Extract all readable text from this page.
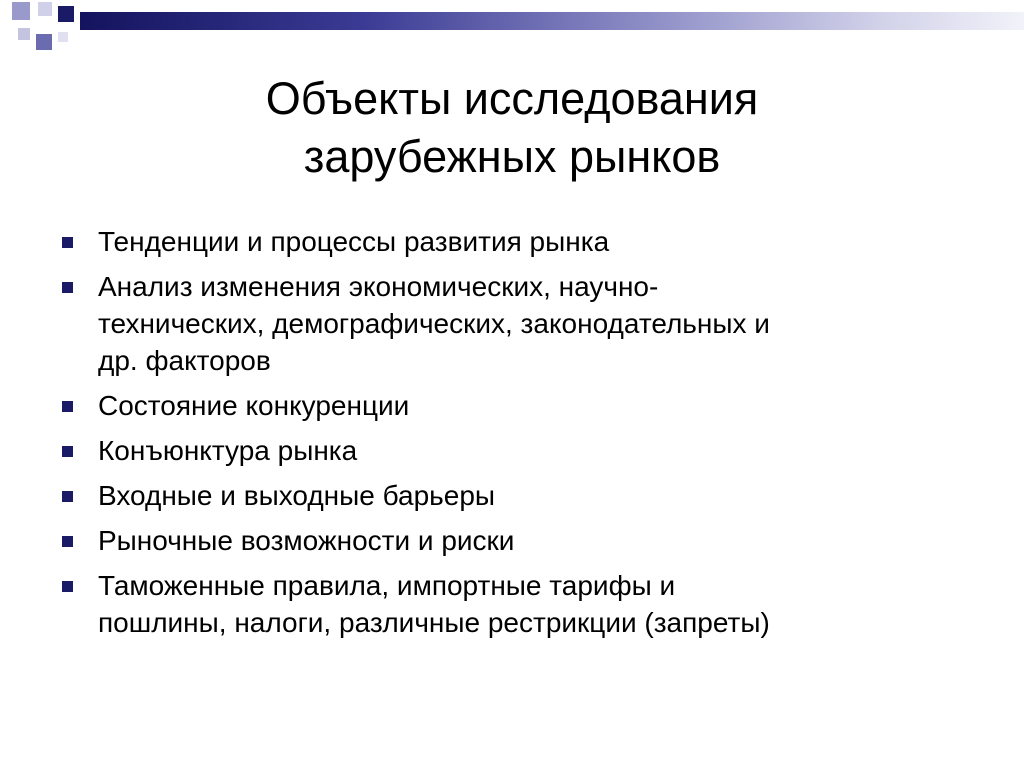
Объекты исследования
зарубежных рынков
Тенденции и процессы развития рынка
Анализ изменения экономических, научно-
технических, демографических, законодательных и
др. факторов
Состояние конкуренции
Конъюнктура рынка
Входные и выходные барьеры
Рыночные возможности и риски
Таможенные правила, импортные тарифы и
пошлины, налоги, различные рестрикции (запреты)
